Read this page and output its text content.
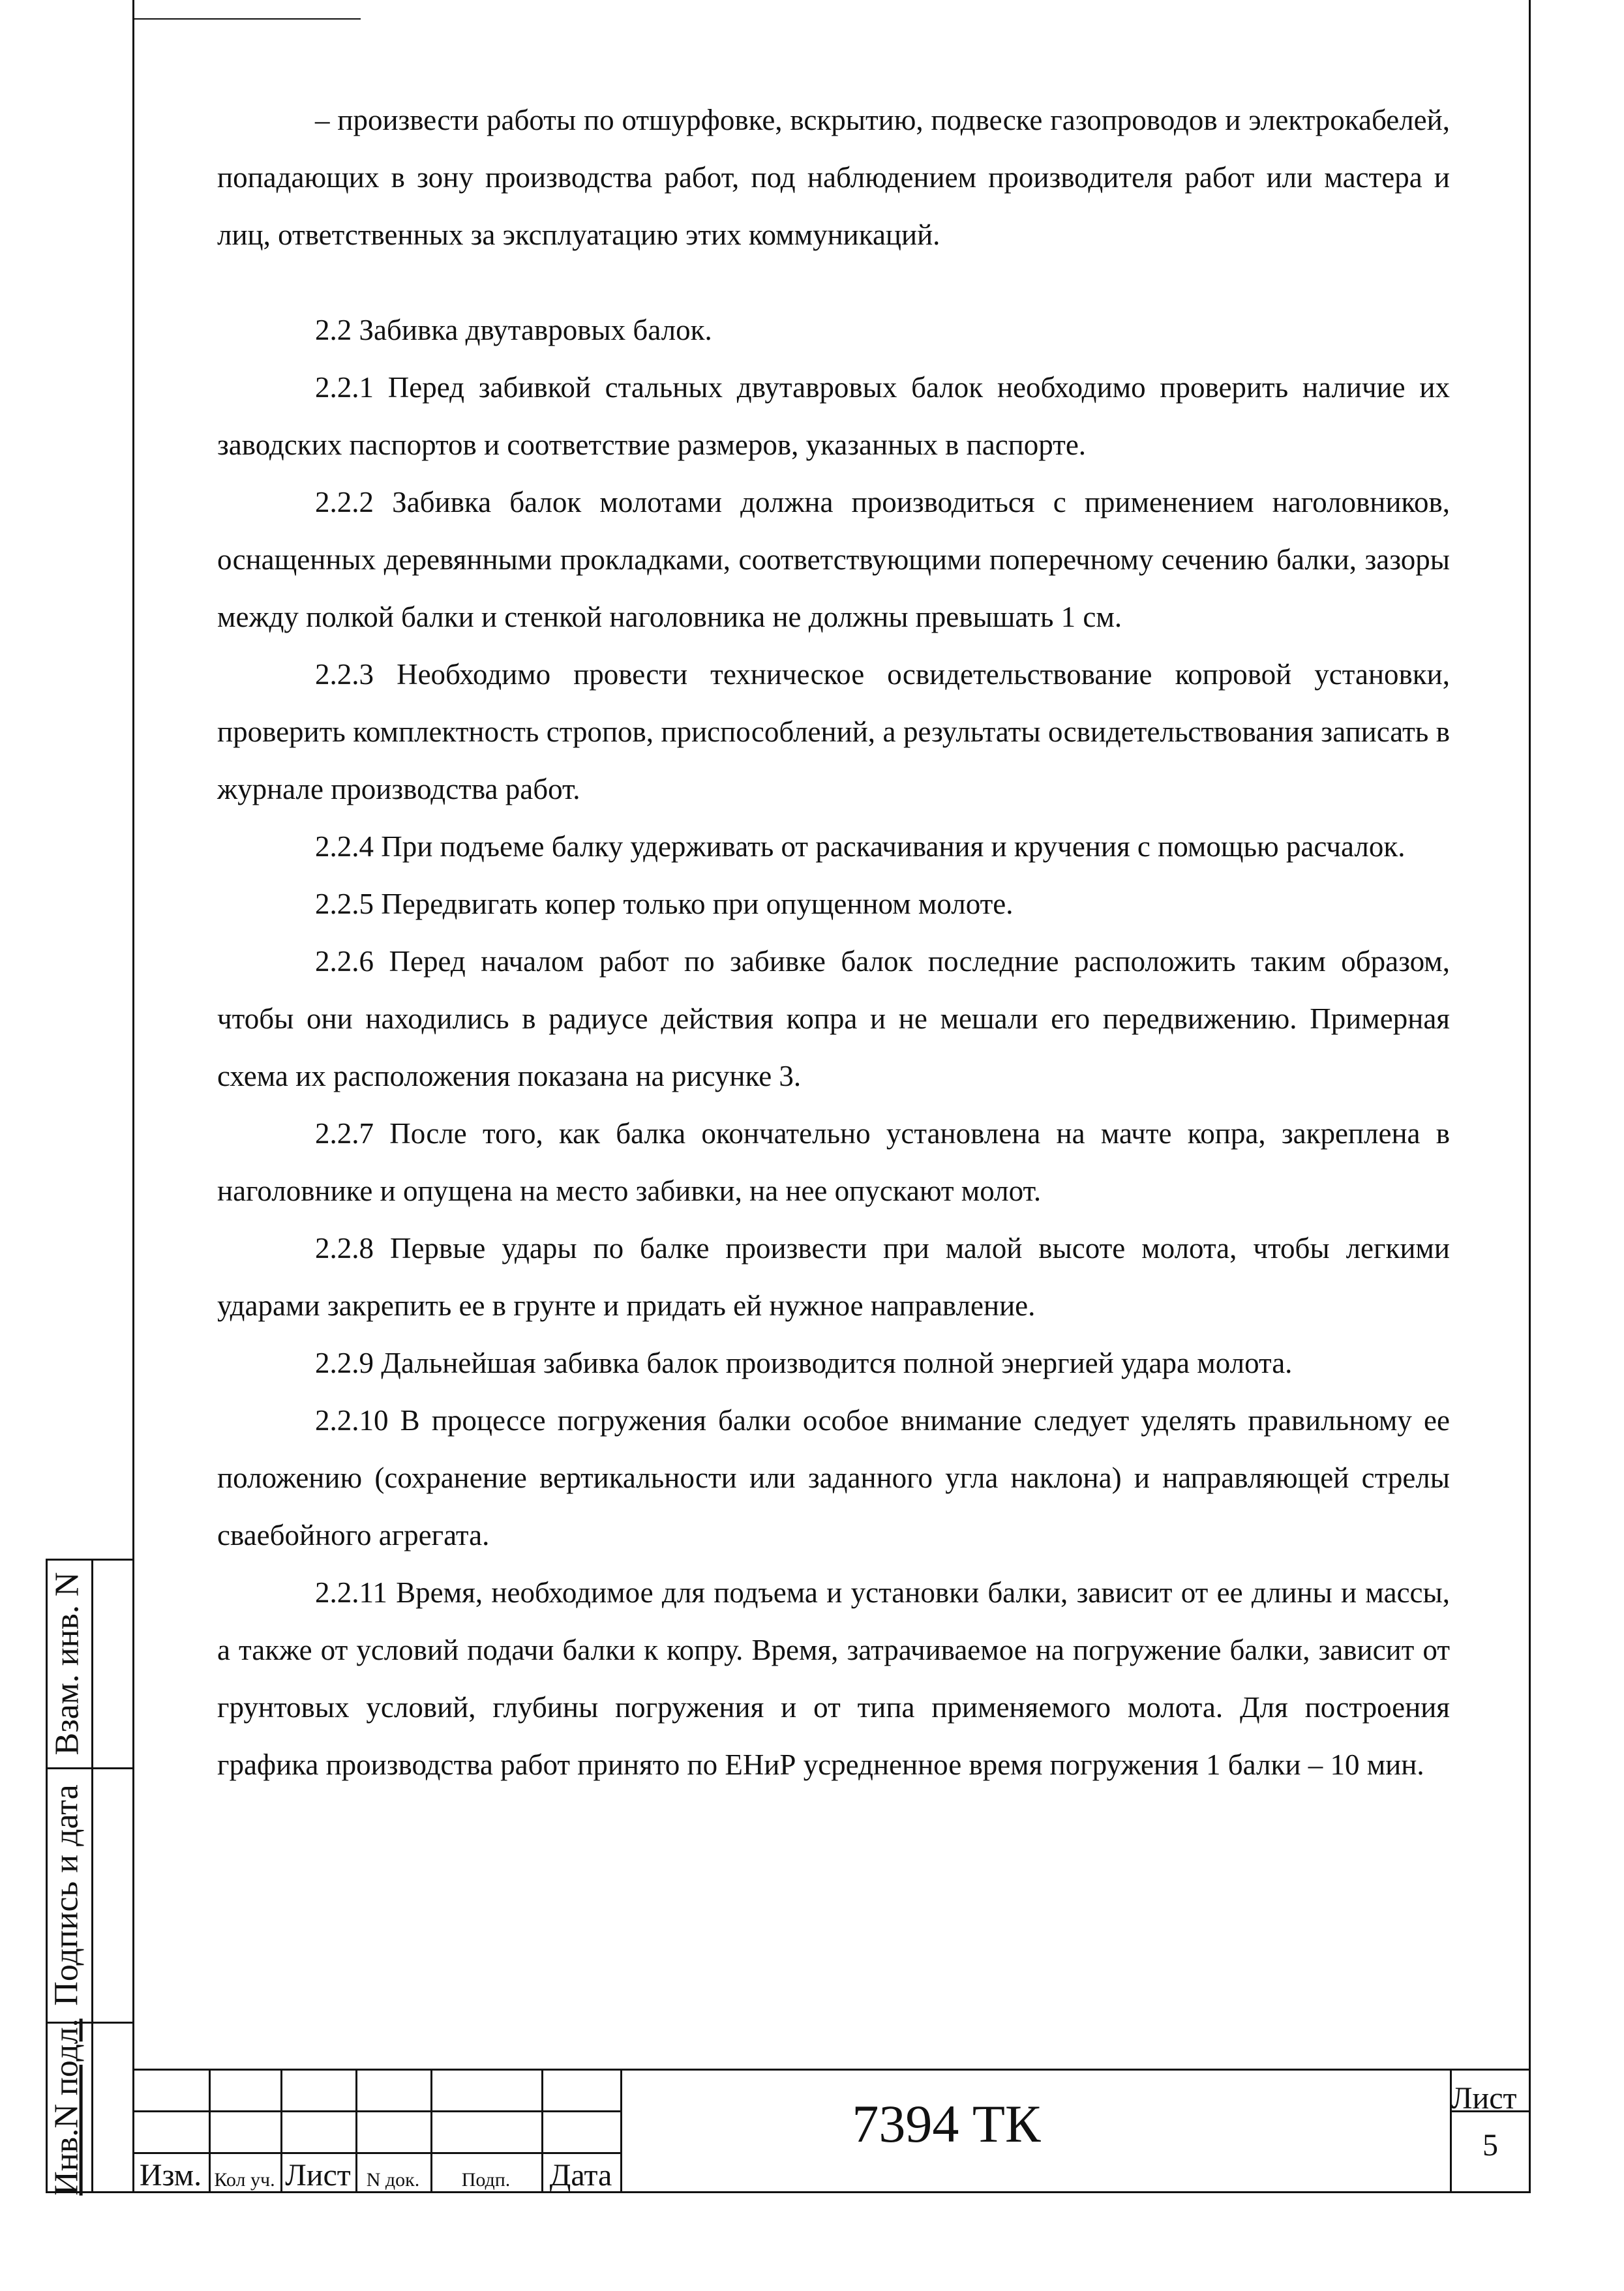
– произвести работы по отшурфовке, вскрытию, подвеске газопроводов и электрокабелей, попадающих в зону производства работ, под наблюдением производителя работ или мастера и лиц, ответственных за эксплуатацию этих коммуникаций.

2.2 Забивка двутавровых балок.

2.2.1 Перед забивкой стальных двутавровых балок необходимо проверить наличие их заводских паспортов и соответствие размеров, указанных в паспорте.

2.2.2 Забивка балок молотами должна производиться с применением наголовников, оснащенных деревянными прокладками, соответствующими поперечному сечению балки, зазоры между полкой балки и стенкой наголовника не должны превышать 1 см.

2.2.3 Необходимо провести техническое освидетельствование копровой установки, проверить комплектность стропов, приспособлений, а результаты освидетельствования записать в журнале производства работ.

2.2.4 При подъеме балку удерживать от раскачивания и кручения с помощью расчалок.

2.2.5 Передвигать копер только при опущенном молоте.

2.2.6 Перед началом работ по забивке балок последние расположить таким образом, чтобы они находились в радиусе действия копра и не мешали его передвижению. Примерная схема их расположения показана на рисунке 3.

2.2.7 После того, как балка окончательно установлена на мачте копра, закреплена в наголовнике и опущена на место забивки, на нее опускают молот.

2.2.8 Первые удары по балке произвести при малой высоте молота, чтобы легкими ударами закрепить ее в грунте и придать ей нужное направление.

2.2.9 Дальнейшая забивка балок производится полной энергией удара молота.

2.2.10 В процессе погружения балки особое внимание следует уделять правильному ее положению (сохранение вертикальности или заданного угла наклона) и направляющей стрелы сваебойного агрегата.

2.2.11 Время, необходимое для подъема и установки балки, зависит от ее длины и массы, а также от условий подачи балки к копру. Время, затрачиваемое на погружение балки, зависит от грунтовых условий, глубины погружения и от типа применяемого молота. Для построения графика производства работ принято по ЕНиР усредненное время погружения 1 балки – 10 мин.

Взам. инв. N
Подпись и дата
Инв.N подл. Изм. Кол уч. Лист N док.	Подп.	Дата
7394 ТК	Лист
5
